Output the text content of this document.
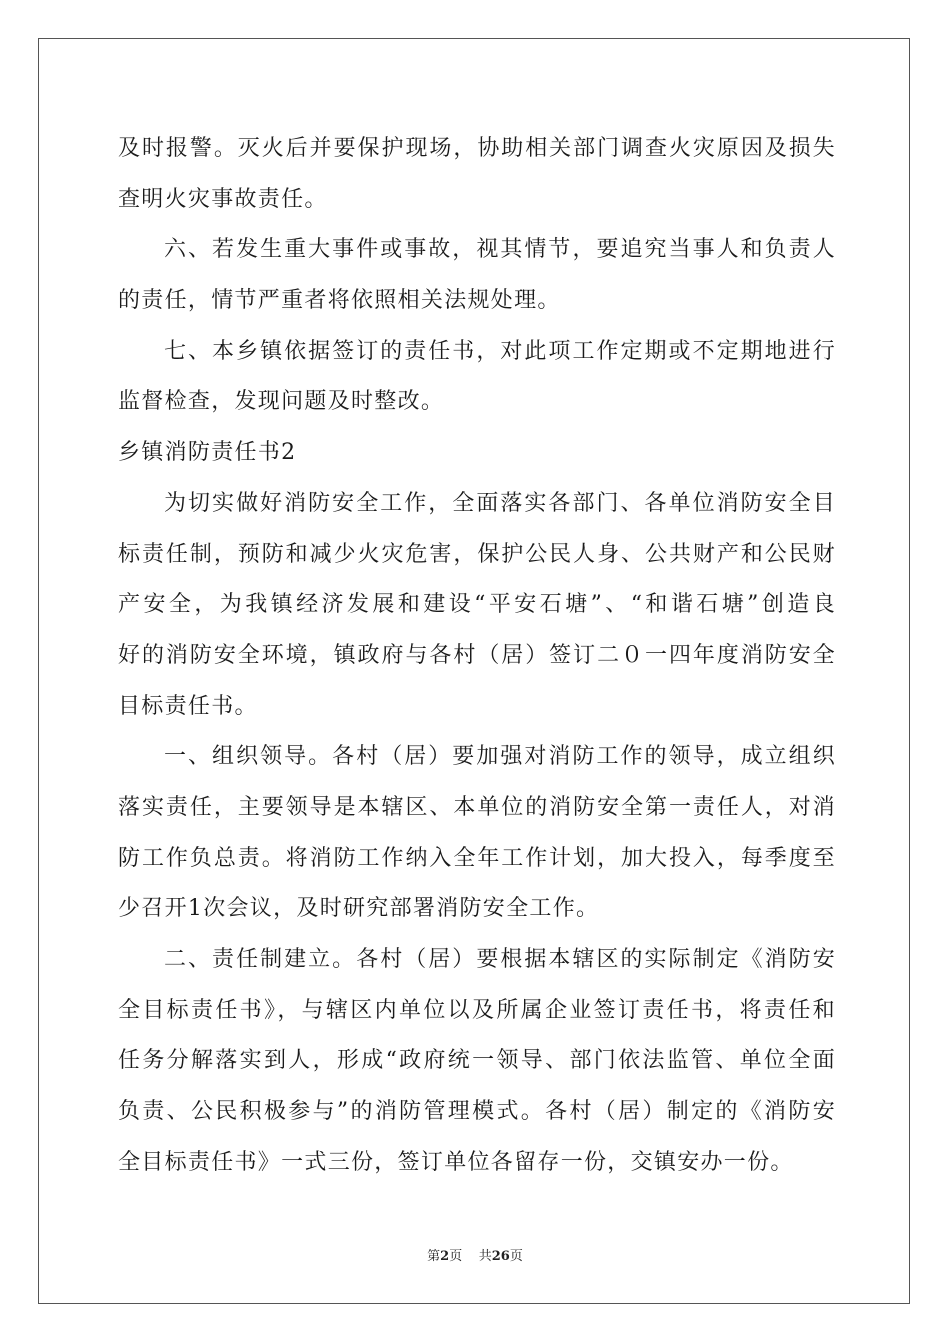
及时报警。灭火后并要保护现场，协助相关部门调查火灾原因及损失
查明火灾事故责任。
六、若发生重大事件或事故，视其情节，要追究当事人和负责人
的责任，情节严重者将依照相关法规处理。
七、本乡镇依据签订的责任书，对此项工作定期或不定期地进行
监督检查，发现问题及时整改。
乡镇消防责任书2
为切实做好消防安全工作，全面落实各部门、各单位消防安全目
标责任制，预防和减少火灾危害，保护公民人身、公共财产和公民财
产安全，为我镇经济发展和建设“平安石塘”、“和谐石塘”创造良
好的消防安全环境，镇政府与各村（居）签订二０一四年度消防安全
目标责任书。
一、组织领导。各村（居）要加强对消防工作的领导，成立组织
落实责任，主要领导是本辖区、本单位的消防安全第一责任人，对消
防工作负总责。将消防工作纳入全年工作计划，加大投入，每季度至
少召开1次会议，及时研究部署消防安全工作。
二、责任制建立。各村（居）要根据本辖区的实际制定《消防安
全目标责任书》，与辖区内单位以及所属企业签订责任书，将责任和
任务分解落实到人，形成“政府统一领导、部门依法监管、单位全面
负责、公民积极参与”的消防管理模式。各村（居）制定的《消防安
全目标责任书》一式三份，签订单位各留存一份，交镇安办一份。
第2页 共26页
